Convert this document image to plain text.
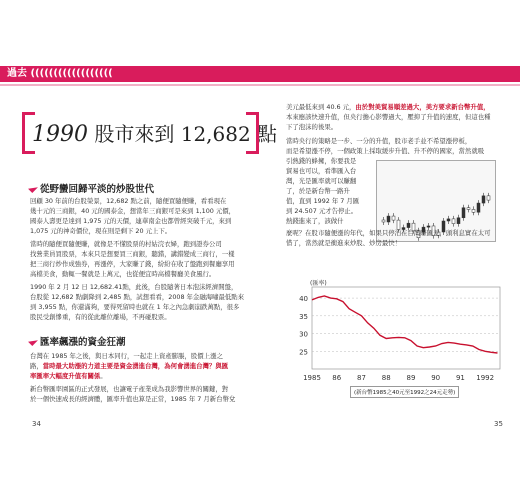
過去 ((((((((((((((((((
1990 股市來到 12,682 點
從野蠻回歸平淡的炒股世代

回顧 30 年前的台股榮景，12,682 點之前，隨便買隨便賺，看看現在

幾十元的三商銀，40 元的國泰金，想當年三商銀可是來到 1,100 元價，

國泰人壽更是達到 1,975 元的天價，連華南金也都曾經突破千元，來到

1,075 元的神奇價位，現在則是剩下 20 元上下。

當時的隨便買隨便賺，就像是不懂股票的村姑浣衣婦，跑到證券公司

找營業員買股票，本來只是想要買三商銀，聽錯，講錯變成三商行，一樣

把三商行炒作成強券，再漲停，大家賺了錢，紛紛在收了盤跑到餐廳享用

高檔美食，動輒一餐就是上萬元，也從便宜時高檔餐廳美食風行。

1990 年 2 月 12 日 12,682.41點，此後，台股隨著日本泡沫經濟開盤，

台股從 12,682 點劇降到 2,485 點，試想看看，2008 年金融海嘯最低點來

到 3,955 點，你還滿夠，要得死留時也就在 1 年之內急劇崩跌萬點，很多

股民受創慘重，有的從此離位離場，不再碰股票。

匯率飆漲的資金狂潮

台灣在 1985 年之後，與日本同行，一起走上資產膨脹，股價上漲之

路，當時最大助漲的力道主要是資金湧進台灣，為何會湧進台灣？與匯

率匯率大幅度升值有關係。

新台幣匯率園區的正式發展，也讓電子產業成為我影響世界的關鍵，對

於一個快速成長的經濟體，匯率升值也算是正常，1985 年 7 月新台幣兌

34

美元最低來到 40.6 元，由於對美貿易順差過大，美方要求新台幣升值，

本來應該快速升值，但央行擔心影響過大，壓抑了升值的速度，但這也種

下了泡沫的後果。

當時央行的策略是一步、一分的升值，股市老手並不希望漲停板，

而是希望漲不停，一個政策上採取緩步升值、升不停的國家，當然就吸

引熱錢的蜂擁，你要我是

貿易也可以，看準匯入台

灣，光是匯率就可以賺翻

了，於是新台幣一路升

值，直到 1992 年 7 月匯

到 24.507 元才告停止。

熱錢進來了，該做什

麼呢？在股市隨便漲的年代，如果只停泊在台灣賺匯差，頭利息實在太可

惜了，當然就是衝進來炒股、炒房最快！

40
35
30
25
1985 86 87 88 89 90 91 1992
(匯率)
(新台幣1985之40元至1992之24元走勢)
35
